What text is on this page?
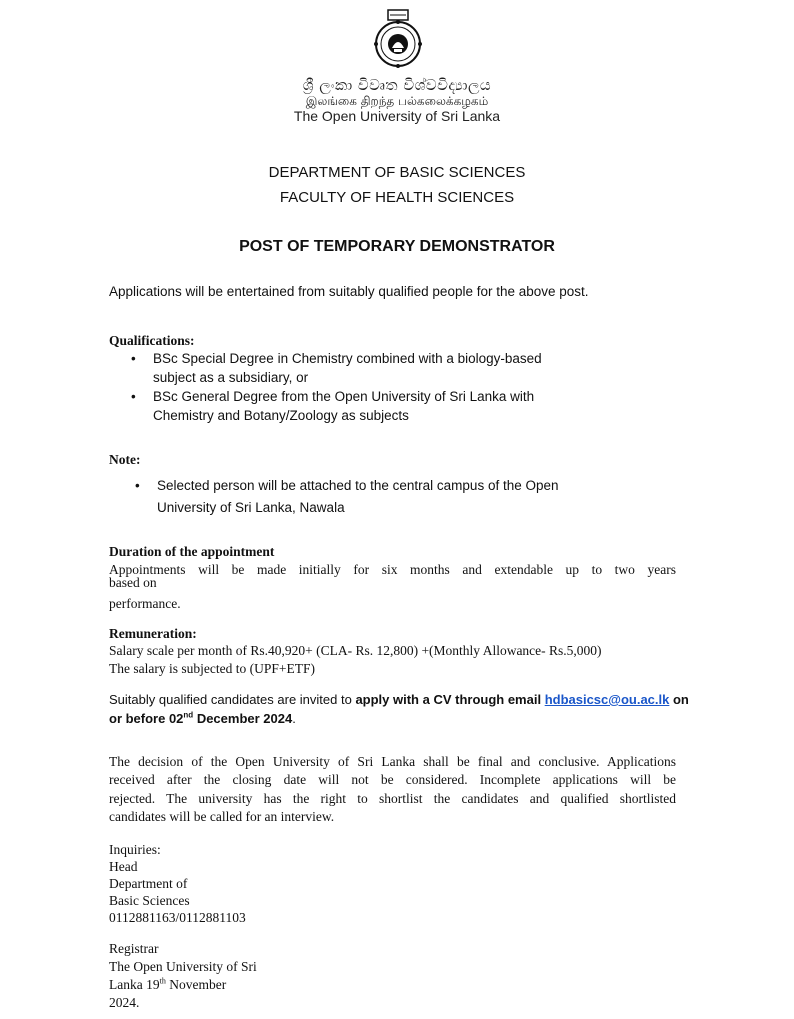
ශ්‍රී ලංකා විවෘත විශ්වවිද්‍යාලය
இலங்கை திறந்த பல்கலைக்கழகம்
The Open University of Sri Lanka
DEPARTMENT OF BASIC SCIENCES
FACULTY OF HEALTH SCIENCES
POST OF TEMPORARY DEMONSTRATOR
Applications will be entertained from suitably qualified people for the above post.
Qualifications:
• BSc Special Degree in Chemistry combined with a biology-based
subject as a subsidiary, or
• BSc General Degree from the Open University of Sri Lanka with
Chemistry and Botany/Zoology as subjects
Note:
• Selected person will be attached to the central campus of the Open
University of Sri Lanka, Nawala
Duration of the appointment
Appointments will be made initially for six months and extendable up to two years
based on
performance.
Remuneration:
Salary scale per month of Rs.40,920+ (CLA- Rs. 12,800) +(Monthly Allowance- Rs.5,000)
The salary is subjected to (UPF+ETF)
Suitably qualified candidates are invited to apply with a CV through email hdbasicsc@ou.ac.lk on
or before 02nd December 2024.
The decision of the Open University of Sri Lanka shall be final and conclusive. Applications
received after the closing date will not be considered. Incomplete applications will be
rejected. The university has the right to shortlist the candidates and qualified shortlisted
candidates will be called for an interview.
Inquiries:
Head
Department of
Basic Sciences
0112881163/0112881103
Registrar
The Open University of Sri
Lanka 19th November
2024.
